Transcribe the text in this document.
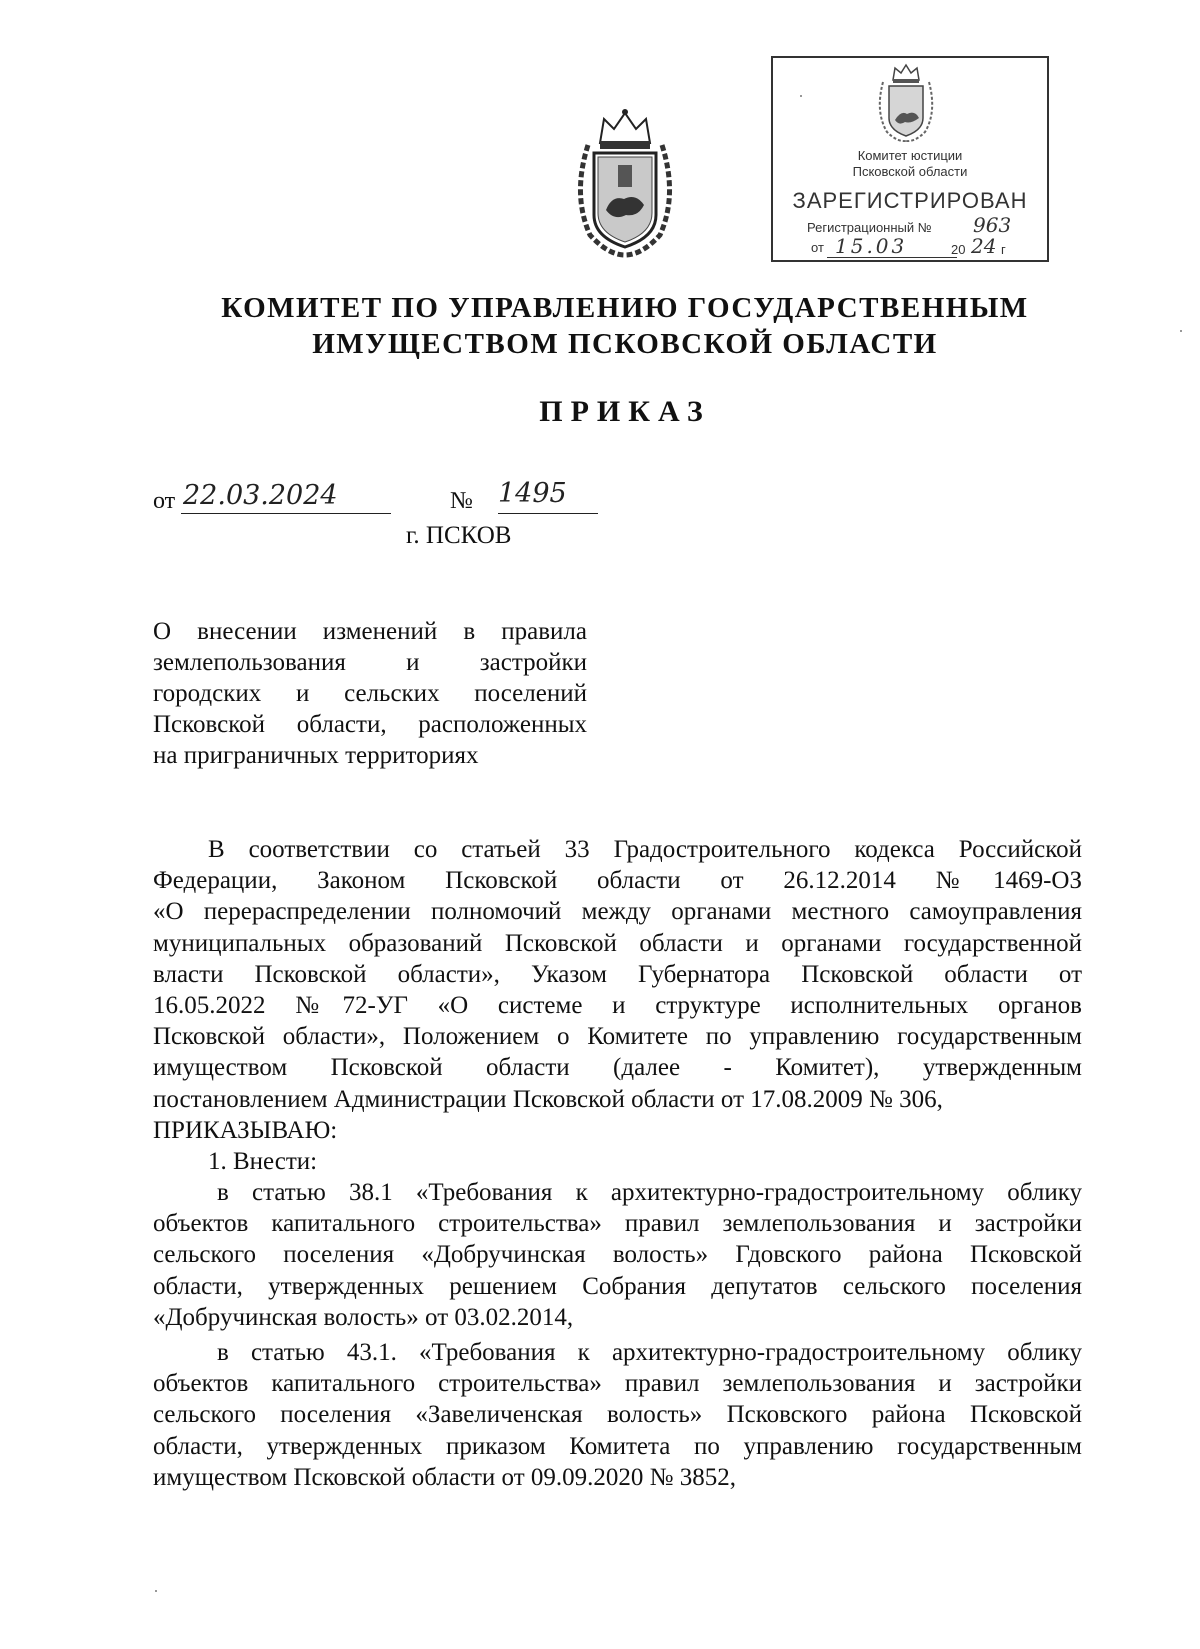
Комитет юстиции
Псковской области
ЗАРЕГИСТРИРОВАН
Регистрационный № 963
от 15.03	20 24 г
КОМИТЕТ ПО УПРАВЛЕНИЮ ГОСУДАРСТВЕННЫМ
ИМУЩЕСТВОМ ПСКОВСКОЙ ОБЛАСТИ
ПРИКАЗ
от 22.03.2024	№ 1495
г. ПСКОВ
О внесении изменений в правила
землепользования и застройки
городских и сельских поселений
Псковской области, расположенных
на приграничных территориях
В соответствии со статьей 33 Градостроительного кодекса Российской
Федерации, Законом Псковской области от 26.12.2014 №1469-ОЗ
«О перераспределении полномочий между органами местного самоуправления
муниципальных образований Псковской области и органами государственной
власти Псковской области», Указом Губернатора Псковской области от
16.05.2022 №72-УГ «О системе и структуре исполнительных органов
Псковской области», Положением о Комитете по управлению государственным
имуществом Псковской области (далее - Комитет), утвержденным
постановлением Администрации Псковской области от 17.08.2009 № 306,
ПРИКАЗЫВАЮ:
1. Внести:
в статью 38.1 «Требования к архитектурно-градостроительному облику
объектов капитального строительства» правил землепользования и застройки
сельского поселения «Добручинская волость» Гдовского района Псковской
области, утвержденных решением Собрания депутатов сельского поселения
«Добручинская волость» от 03.02.2014,
в статью 43.1. «Требования к архитектурно-градостроительному облику
объектов капитального строительства» правил землепользования и застройки
сельского поселения «Завеличенская волость» Псковского района Псковской
области, утвержденных приказом Комитета по управлению государственным
имуществом Псковской области от 09.09.2020 № 3852,
